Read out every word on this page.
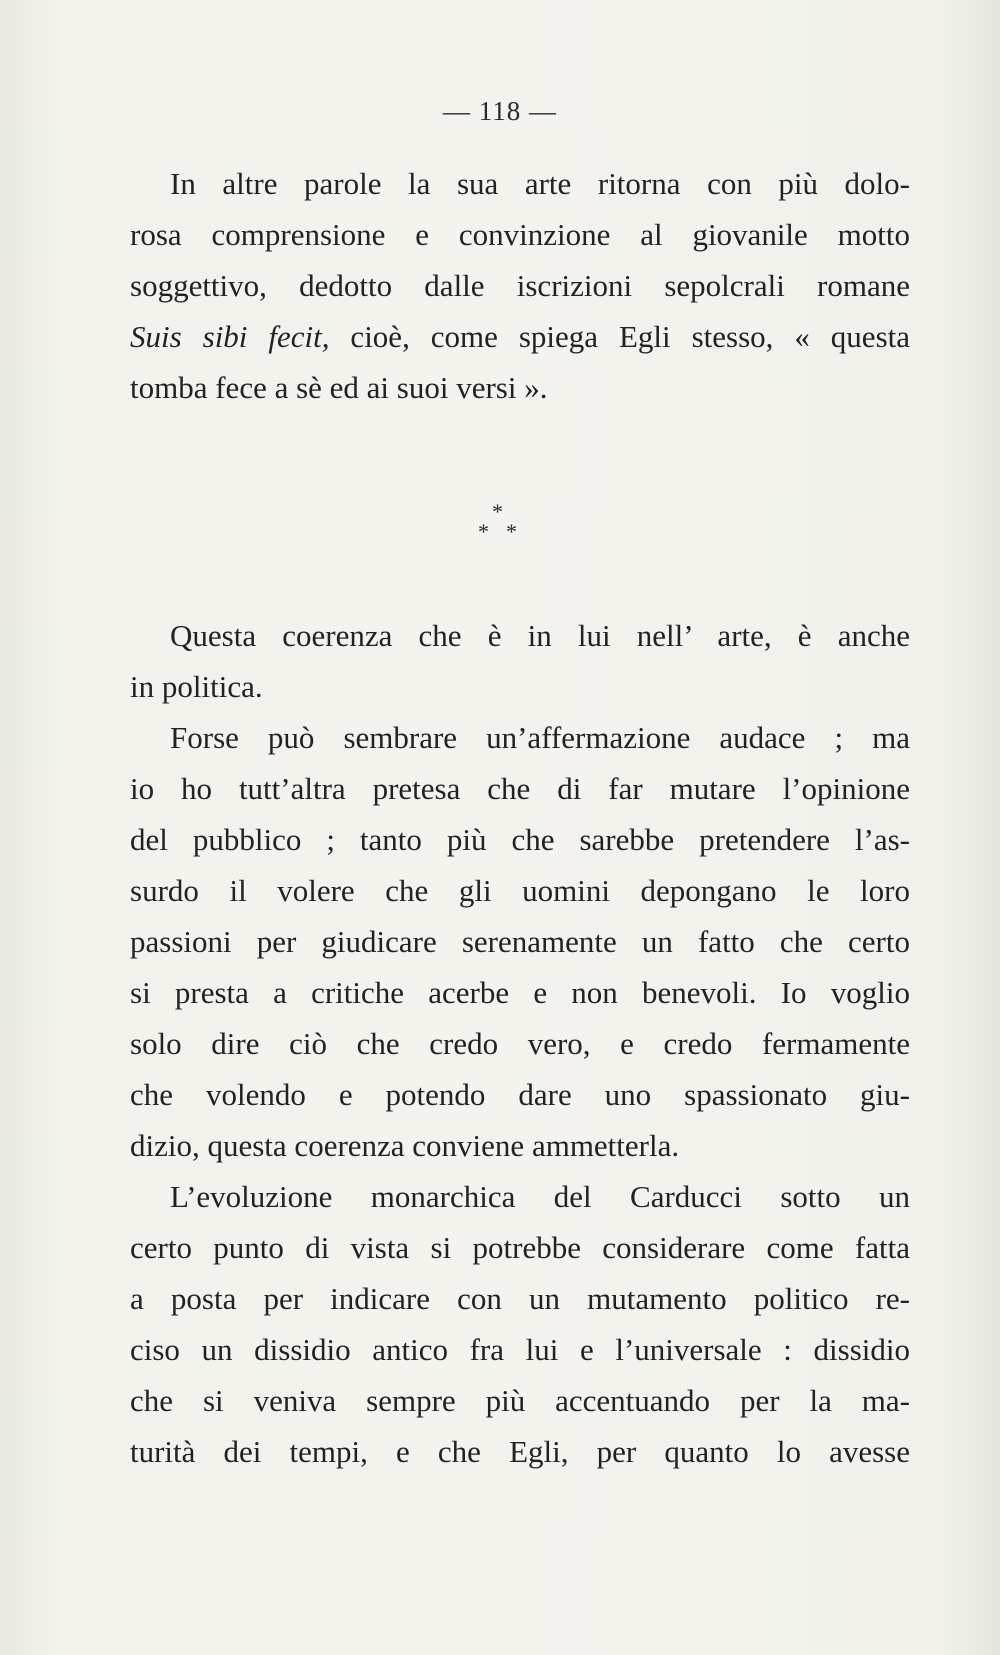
— 118 —
In altre parole la sua arte ritorna con più dolo-
rosa comprensione e convinzione al giovanile motto
soggettivo, dedotto dalle iscrizioni sepolcrali romane
Suis sibi fecit, cioè, come spiega Egli stesso, « questa
tomba fece a sè ed ai suoi versi ».
*
* *
Questa coerenza che è in lui nell’ arte, è anche
in politica.
Forse può sembrare un’affermazione audace ; ma
io ho tutt’altra pretesa che di far mutare l’opinione
del pubblico ; tanto più che sarebbe pretendere l’as-
surdo il volere che gli uomini depongano le loro
passioni per giudicare serenamente un fatto che certo
si presta a critiche acerbe e non benevoli. Io voglio
solo dire ciò che credo vero, e credo fermamente
che volendo e potendo dare uno spassionato giu-
dizio, questa coerenza conviene ammetterla.
L’evoluzione monarchica del Carducci sotto un
certo punto di vista si potrebbe considerare come fatta
a posta per indicare con un mutamento politico re-
ciso un dissidio antico fra lui e l’universale : dissidio
che si veniva sempre più accentuando per la ma-
turità dei tempi, e che Egli, per quanto lo avesse
